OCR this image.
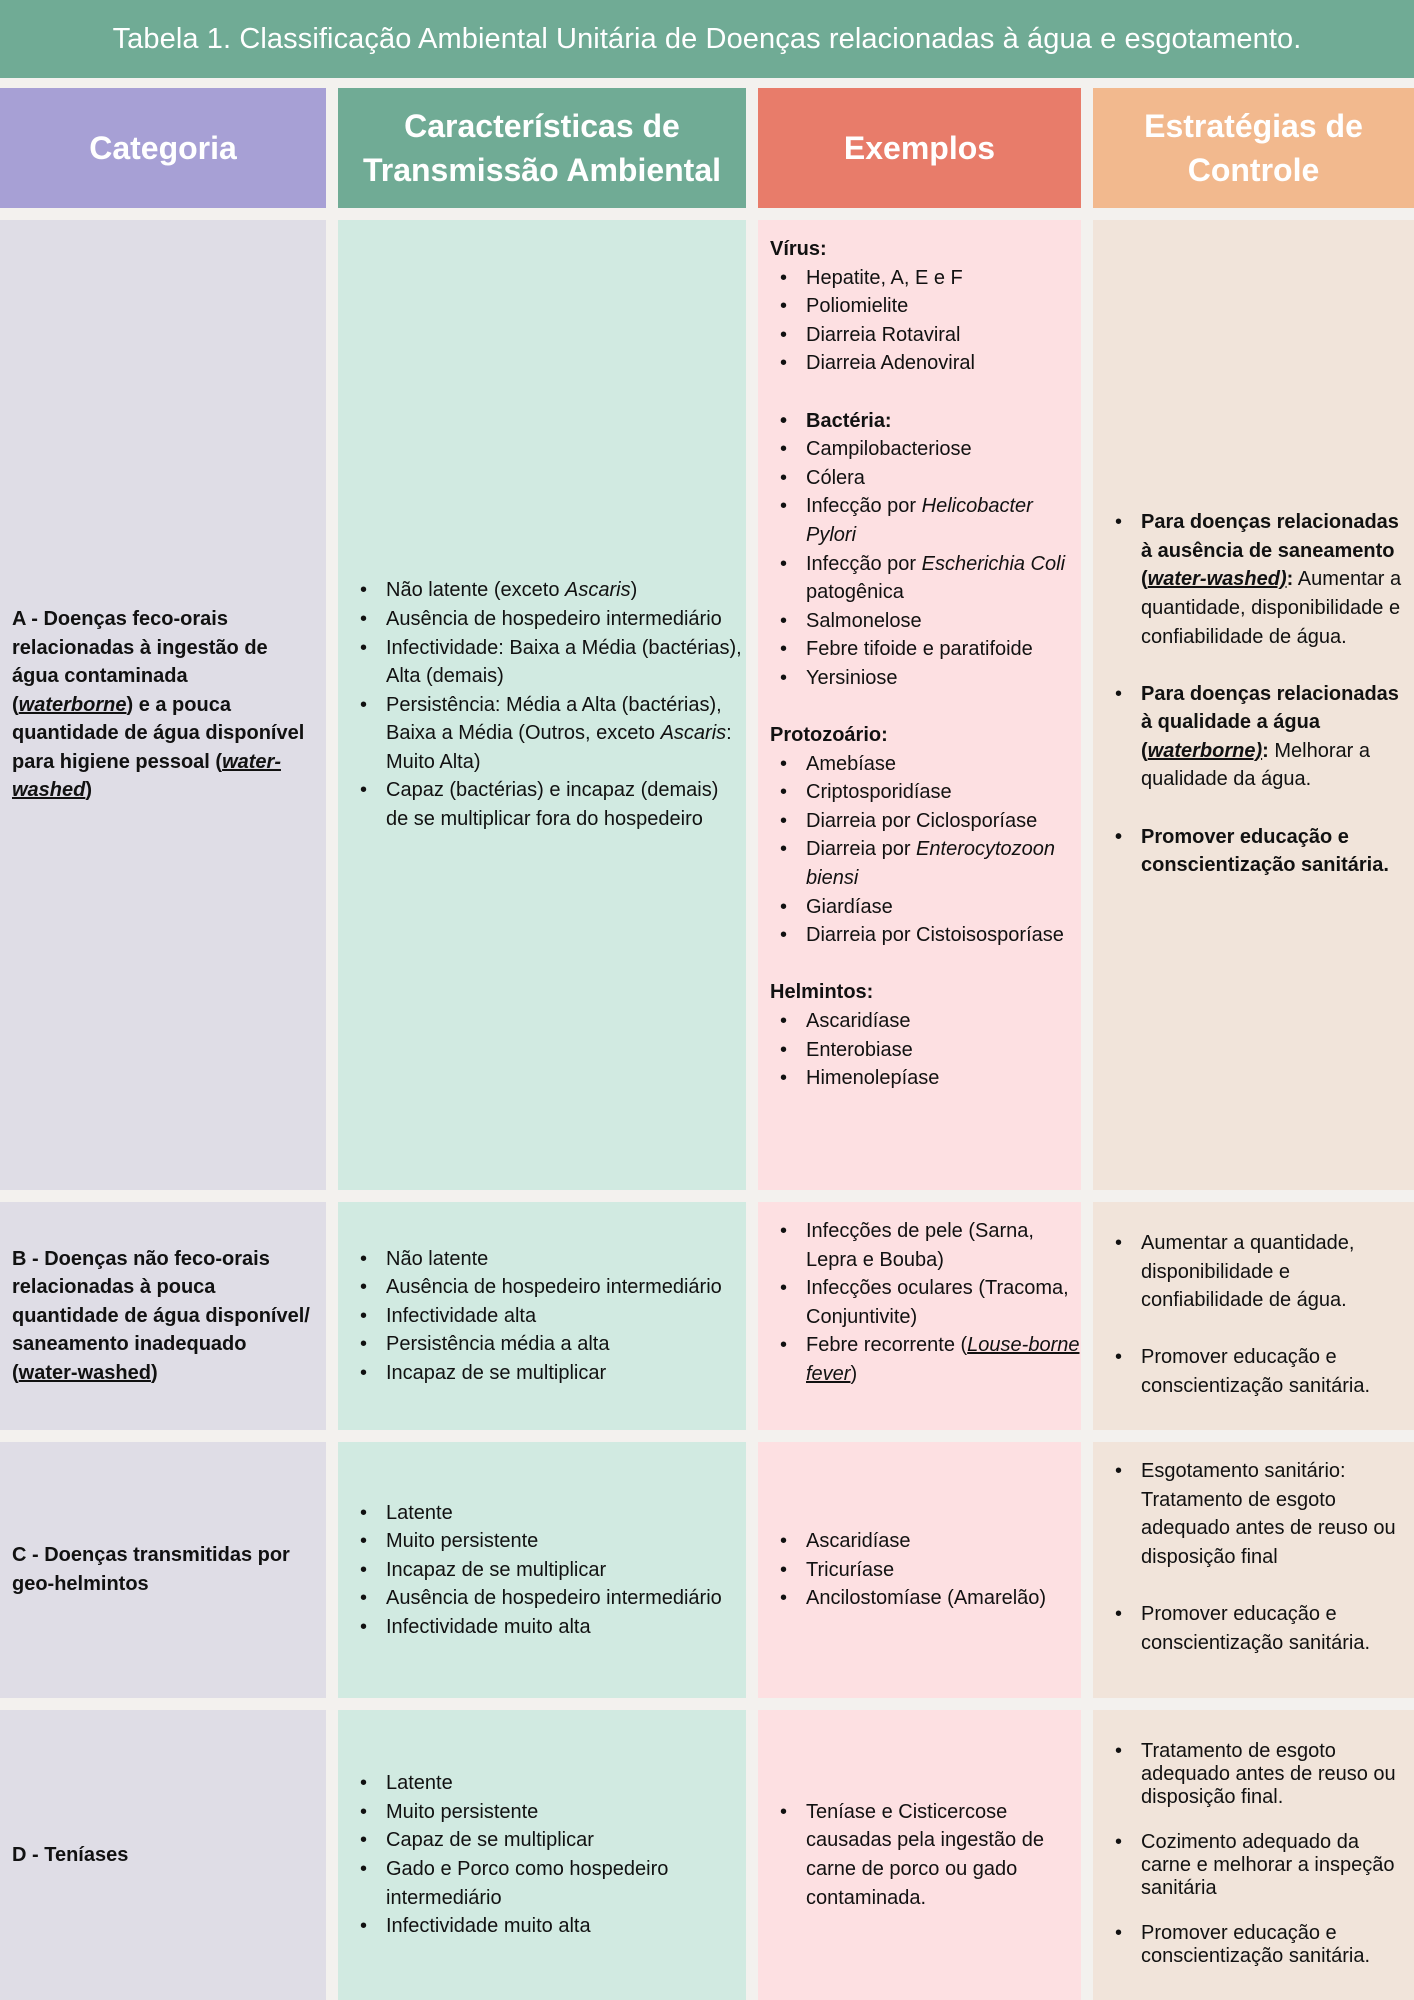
Tabela 1. Classificação Ambiental Unitária de Doenças relacionadas à água e esgotamento.
Categoria
Características de
Transmissão Ambiental
Exemplos
Estratégias de
Controle
A - Doenças feco-orais relacionadas à ingestão de água contaminada (waterborne) e a pouca quantidade de água disponível para higiene pessoal (water-washed)
• Não latente (exceto Ascaris)
• Ausência de hospedeiro intermediário
• Infectividade: Baixa a Média (bactérias), Alta (demais)
• Persistência: Média a Alta (bactérias), Baixa a Média (Outros, exceto Ascaris: Muito Alta)
• Capaz (bactérias) e incapaz (demais) de se multiplicar fora do hospedeiro
Vírus:
• Hepatite, A, E e F
• Poliomielite
• Diarreia Rotaviral
• Diarreia Adenoviral
• Bactéria:
• Campilobacteriose
• Cólera
• Infecção por Helicobacter Pylori
• Infecção por Escherichia Coli patogênica
• Salmonelose
• Febre tifoide e paratifoide
• Yersiniose
Protozoário:
• Amebíase
• Criptosporidíase
• Diarreia por Ciclosporíase
• Diarreia por Enterocytozoon biensi
• Giardíase
• Diarreia por Cistoisosporíase
Helmintos:
• Ascaridíase
• Enterobiase
• Himenolepíase
• Para doenças relacionadas à ausência de saneamento (water-washed): Aumentar a quantidade, disponibilidade e confiabilidade de água.
• Para doenças relacionadas à qualidade a água (waterborne): Melhorar a qualidade da água.
• Promover educação e conscientização sanitária.
B - Doenças não feco-orais relacionadas à pouca quantidade de água disponível/ saneamento inadequado (water-washed)
• Não latente
• Ausência de hospedeiro intermediário
• Infectividade alta
• Persistência média a alta
• Incapaz de se multiplicar
• Infecções de pele (Sarna, Lepra e Bouba)
• Infecções oculares (Tracoma, Conjuntivite)
• Febre recorrente (Louse-borne fever)
• Aumentar a quantidade, disponibilidade e confiabilidade de água.
• Promover educação e conscientização sanitária.
C - Doenças transmitidas por geo-helmintos
• Latente
• Muito persistente
• Incapaz de se multiplicar
• Ausência de hospedeiro intermediário
• Infectividade muito alta
• Ascaridíase
• Tricuríase
• Ancilostomíase (Amarelão)
• Esgotamento sanitário: Tratamento de esgoto adequado antes de reuso ou disposição final
• Promover educação e conscientização sanitária.
D - Teníases
• Latente
• Muito persistente
• Capaz de se multiplicar
• Gado e Porco como hospedeiro intermediário
• Infectividade muito alta
• Teníase e Cisticercose causadas pela ingestão de carne de porco ou gado contaminada.
• Tratamento de esgoto adequado antes de reuso ou disposição final.
• Cozimento adequado da carne e melhorar a inspeção sanitária
• Promover educação e conscientização sanitária.
